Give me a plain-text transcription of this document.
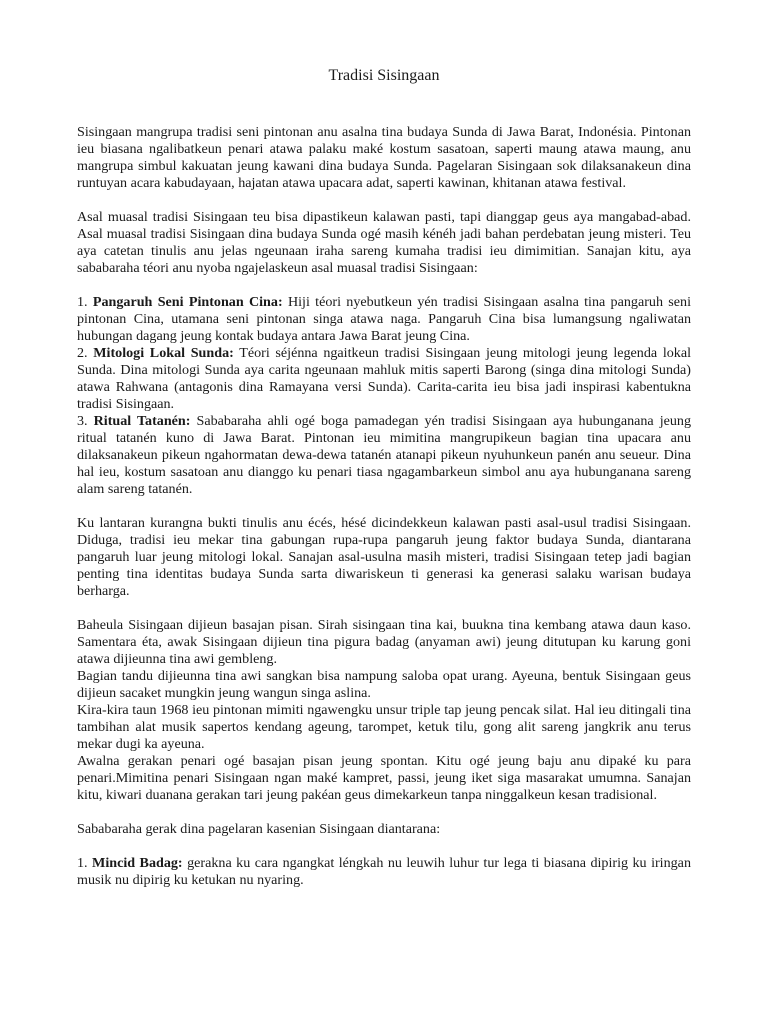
Tradisi Sisingaan

Sisingaan mangrupa tradisi seni pintonan anu asalna tina budaya Sunda di Jawa Barat, Indonésia. Pintonan ieu biasana ngalibatkeun penari atawa palaku maké kostum sasatoan, saperti maung atawa maung, anu mangrupa simbul kakuatan jeung kawani dina budaya Sunda. Pagelaran Sisingaan sok dilaksanakeun dina runtuyan acara kabudayaan, hajatan atawa upacara adat, saperti kawinan, khitanan atawa festival.

Asal muasal tradisi Sisingaan teu bisa dipastikeun kalawan pasti, tapi dianggap geus aya mangabad-abad. Asal muasal tradisi Sisingaan dina budaya Sunda ogé masih kénéh jadi bahan perdebatan jeung misteri. Teu aya catetan tinulis anu jelas ngeunaan iraha sareng kumaha tradisi ieu dimimitian. Sanajan kitu, aya sababaraha téori anu nyoba ngajelaskeun asal muasal tradisi Sisingaan:

1. Pangaruh Seni Pintonan Cina: Hiji téori nyebutkeun yén tradisi Sisingaan asalna tina pangaruh seni pintonan Cina, utamana seni pintonan singa atawa naga. Pangaruh Cina bisa lumangsung ngaliwatan hubungan dagang jeung kontak budaya antara Jawa Barat jeung Cina.

2. Mitologi Lokal Sunda: Téori séjénna ngaitkeun tradisi Sisingaan jeung mitologi jeung legenda lokal Sunda. Dina mitologi Sunda aya carita ngeunaan mahluk mitis saperti Barong (singa dina mitologi Sunda) atawa Rahwana (antagonis dina Ramayana versi Sunda). Carita-carita ieu bisa jadi inspirasi kabentukna tradisi Sisingaan.

3. Ritual Tatanén: Sababaraha ahli ogé boga pamadegan yén tradisi Sisingaan aya hubunganana jeung ritual tatanén kuno di Jawa Barat. Pintonan ieu mimitina mangrupikeun bagian tina upacara anu dilaksanakeun pikeun ngahormatan dewa-dewa tatanén atanapi pikeun nyuhunkeun panén anu seueur. Dina hal ieu, kostum sasatoan anu dianggo ku penari tiasa ngagambarkeun simbol anu aya hubunganana sareng alam sareng tatanén.

Ku lantaran kurangna bukti tinulis anu écés, hésé dicindekkeun kalawan pasti asal-usul tradisi Sisingaan. Diduga, tradisi ieu mekar tina gabungan rupa-rupa pangaruh jeung faktor budaya Sunda, diantarana pangaruh luar jeung mitologi lokal. Sanajan asal-usulna masih misteri, tradisi Sisingaan tetep jadi bagian penting tina identitas budaya Sunda sarta diwariskeun ti generasi ka generasi salaku warisan budaya berharga.

Baheula Sisingaan dijieun basajan pisan. Sirah sisingaan tina kai, buukna tina kembang atawa daun kaso. Samentara éta, awak Sisingaan dijieun tina pigura badag (anyaman awi) jeung ditutupan ku karung goni atawa dijieunna tina awi gembleng.

Bagian tandu dijieunna tina awi sangkan bisa nampung saloba opat urang. Ayeuna, bentuk Sisingaan geus dijieun sacaket mungkin jeung wangun singa aslina.

Kira-kira taun 1968 ieu pintonan mimiti ngawengku unsur triple tap jeung pencak silat. Hal ieu ditingali tina tambihan alat musik sapertos kendang ageung, tarompet, ketuk tilu, gong alit sareng jangkrik anu terus mekar dugi ka ayeuna.

Awalna gerakan penari ogé basajan pisan jeung spontan. Kitu ogé jeung baju anu dipaké ku para penari.Mimitina penari Sisingaan ngan maké kampret, passi, jeung iket siga masarakat umumna. Sanajan kitu, kiwari duanana gerakan tari jeung pakéan geus dimekarkeun tanpa ninggalkeun kesan tradisional.

Sababaraha gerak dina pagelaran kasenian Sisingaan diantarana:

1. Mincid Badag: gerakna ku cara ngangkat léngkah nu leuwih luhur tur lega ti biasana dipirig ku iringan musik nu dipirig ku ketukan nu nyaring.
